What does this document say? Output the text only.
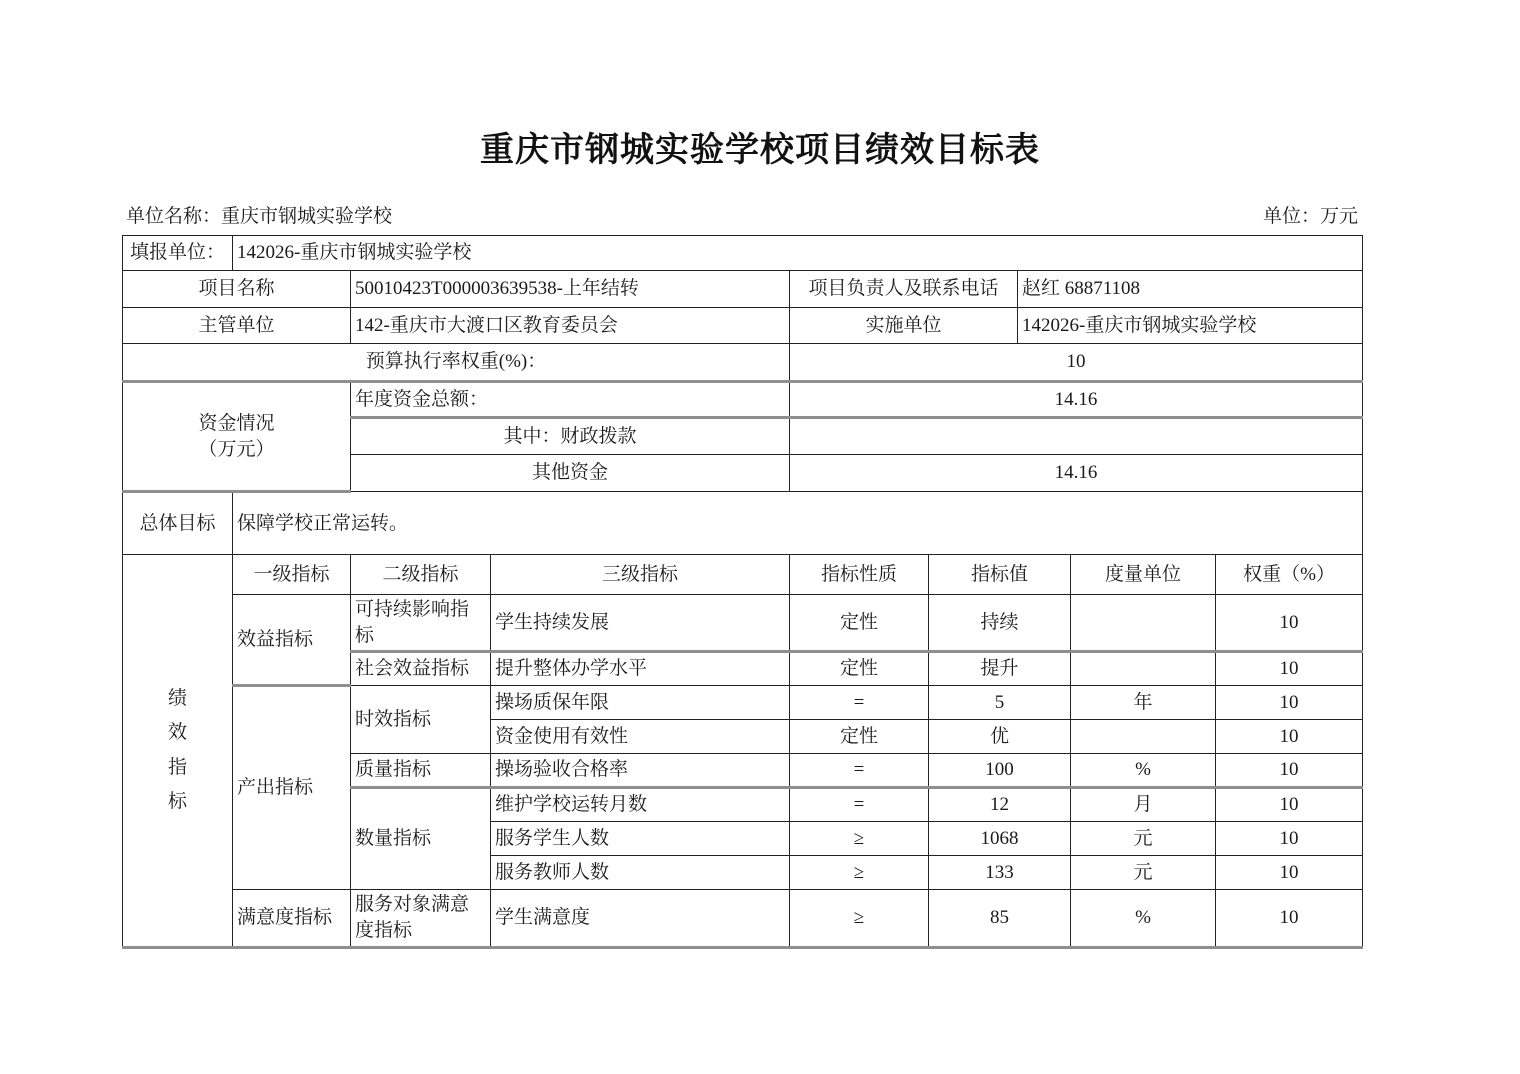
重庆市钢城实验学校项目绩效目标表
单位名称：重庆市钢城实验学校	单位：万元
填报单位：	142026-重庆市钢城实验学校							
项目名称		50010423T000003639538-上年结转		项目负责人及联系电话		赵红 68871108		
主管单位		142-重庆市大渡口区教育委员会		实施单位		142026-重庆市钢城实验学校		
预算执行率权重(%)：				10				

资金情况
（万元）		年度资金总额：		14.16				
		其中：财政拨款						
		其他资金		14.16				
总体目标	保障学校正常运转。							

绩
效
指
标	一级指标	二级指标	三级指标	指标性质	指标值		度量单位	权重（%）
	效益指标	可持续影响指标	学生持续发展	定性	持续			10
		社会效益指标	提升整体办学水平	定性	提升			10
	产出指标	时效指标	操场质保年限	=	5		年	10
			资金使用有效性	定性	优			10
		质量指标	操场验收合格率	=	100		%	10
		数量指标	维护学校运转月数	=	12		月	10
			服务学生人数	≥	1068		元	10
			服务教师人数	≥	133		元	10
	满意度指标	服务对象满意度指标	学生满意度	≥	85		%	10
